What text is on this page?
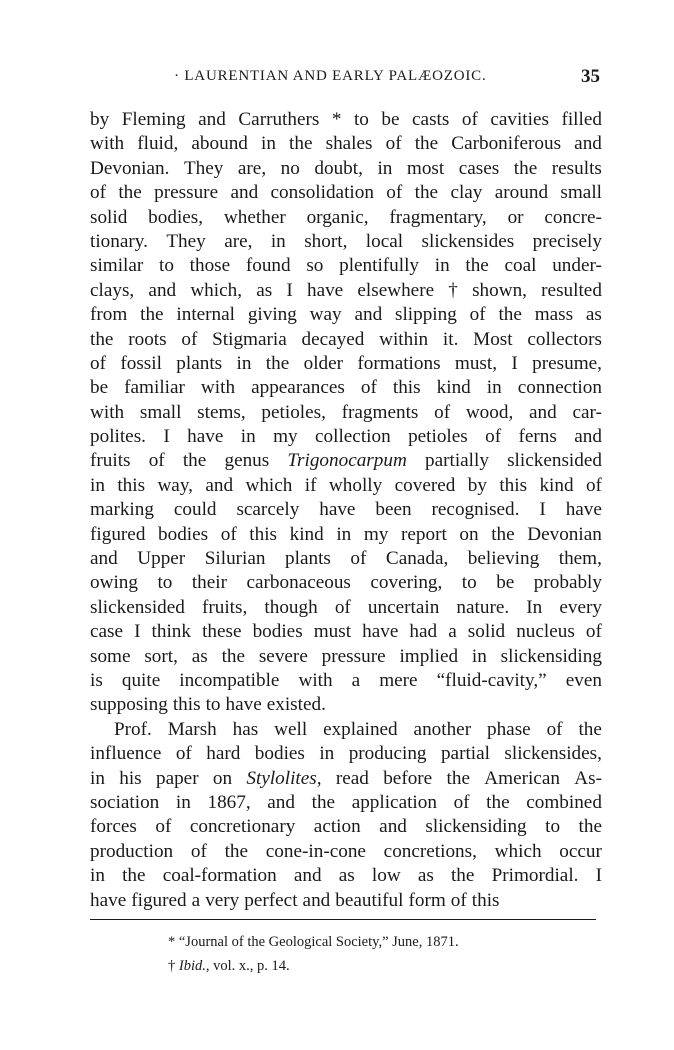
· LAURENTIAN AND EARLY PALÆOZOIC.	35
by Fleming and Carruthers * to be casts of cavities filled
with fluid, abound in the shales of the Carboniferous and
Devonian. They are, no doubt, in most cases the results
of the pressure and consolidation of the clay around small
solid bodies, whether organic, fragmentary, or concre-
tionary. They are, in short, local slickensides precisely
similar to those found so plentifully in the coal under-
clays, and which, as I have elsewhere † shown, resulted
from the internal giving way and slipping of the mass as
the roots of Stigmaria decayed within it. Most collectors
of fossil plants in the older formations must, I presume,
be familiar with appearances of this kind in connection
with small stems, petioles, fragments of wood, and car-
polites. I have in my collection petioles of ferns and
fruits of the genus Trigonocarpum partially slickensided
in this way, and which if wholly covered by this kind of
marking could scarcely have been recognised. I have
figured bodies of this kind in my report on the Devonian
and Upper Silurian plants of Canada, believing them,
owing to their carbonaceous covering, to be probably
slickensided fruits, though of uncertain nature. In every
case I think these bodies must have had a solid nucleus of
some sort, as the severe pressure implied in slickensiding
is quite incompatible with a mere “fluid-cavity,” even
supposing this to have existed.
Prof. Marsh has well explained another phase of the
influence of hard bodies in producing partial slickensides,
in his paper on Stylolites, read before the American As-
sociation in 1867, and the application of the combined
forces of concretionary action and slickensiding to the
production of the cone-in-cone concretions, which occur
in the coal-formation and as low as the Primordial. I
have figured a very perfect and beautiful form of this
* “Journal of the Geological Society,” June, 1871.
† Ibid., vol. x., p. 14.
